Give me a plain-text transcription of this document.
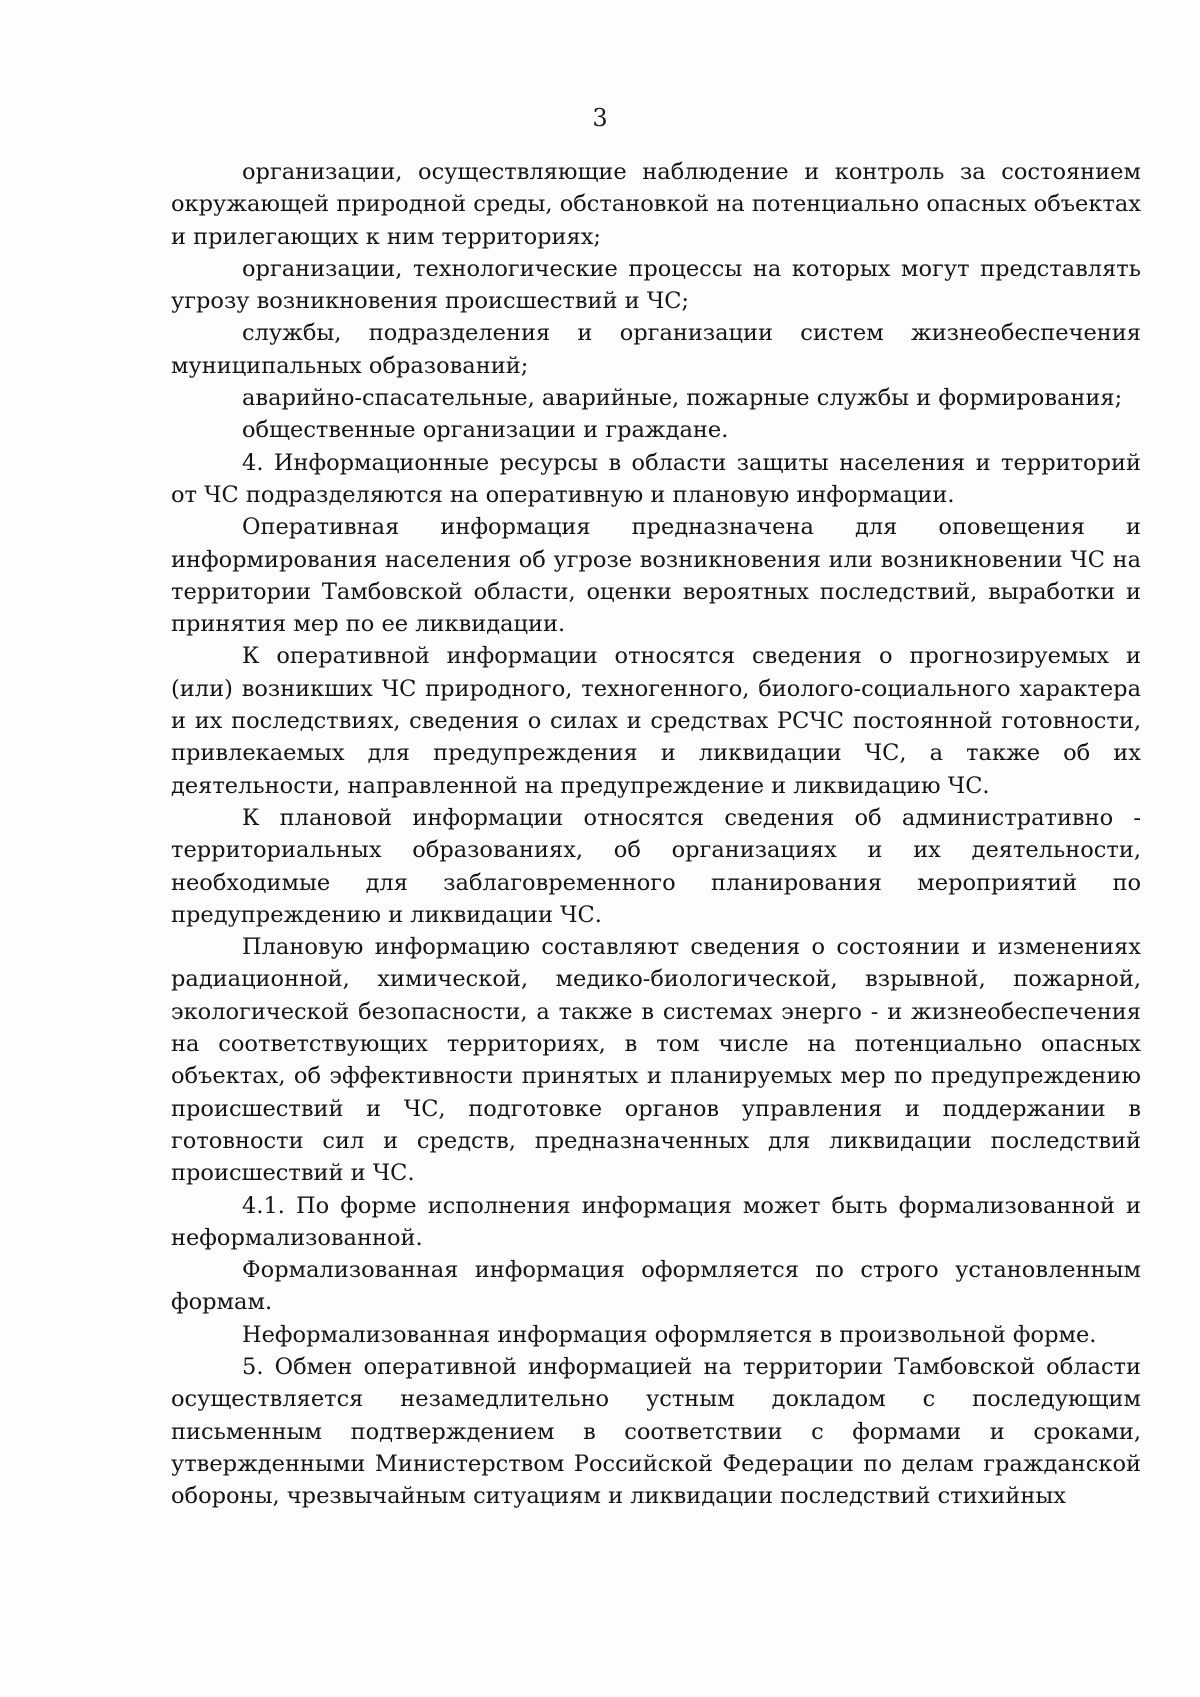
3

организации, осуществляющие наблюдение и контроль за состоянием окружающей природной среды, обстановкой на потенциально опасных объектах и прилегающих к ним территориях;

организации, технологические процессы на которых могут представлять угрозу возникновения происшествий и ЧС;

службы, подразделения и организации систем жизнеобеспечения муниципальных образований;

аварийно-спасательные, аварийные, пожарные службы и формирования;

общественные организации и граждане.

4. Информационные ресурсы в области защиты населения и территорий от ЧС подразделяются на оперативную и плановую информации.

Оперативная информация предназначена для оповещения и информирования населения об угрозе возникновения или возникновении ЧС на территории Тамбовской области, оценки вероятных последствий, выработки и принятия мер по ее ликвидации.

К оперативной информации относятся сведения о прогнозируемых и (или) возникших ЧС природного, техногенного, биолого-социального характера и их последствиях, сведения о силах и средствах РСЧС постоянной готовности, привлекаемых для предупреждения и ликвидации ЧС, а также об их деятельности, направленной на предупреждение и ликвидацию ЧС.

К плановой информации относятся сведения об административно - территориальных образованиях, об организациях и их деятельности, необходимые для заблаговременного планирования мероприятий по предупреждению и ликвидации ЧС.

Плановую информацию составляют сведения о состоянии и изменениях радиационной, химической, медико-биологической, взрывной, пожарной, экологической безопасности, а также в системах энерго - и жизнеобеспечения на соответствующих территориях, в том числе на потенциально опасных объектах, об эффективности принятых и планируемых мер по предупреждению происшествий и ЧС, подготовке органов управления и поддержании в готовности сил и средств, предназначенных для ликвидации последствий происшествий и ЧС.

4.1. По форме исполнения информация может быть формализованной и неформализованной.

Формализованная информация оформляется по строго установленным формам.

Неформализованная информация оформляется в произвольной форме.

5. Обмен оперативной информацией на территории Тамбовской области осуществляется незамедлительно устным докладом с последующим письменным подтверждением в соответствии с формами и сроками, утвержденными Министерством Российской Федерации по делам гражданской обороны, чрезвычайным ситуациям и ликвидации последствий стихийных
